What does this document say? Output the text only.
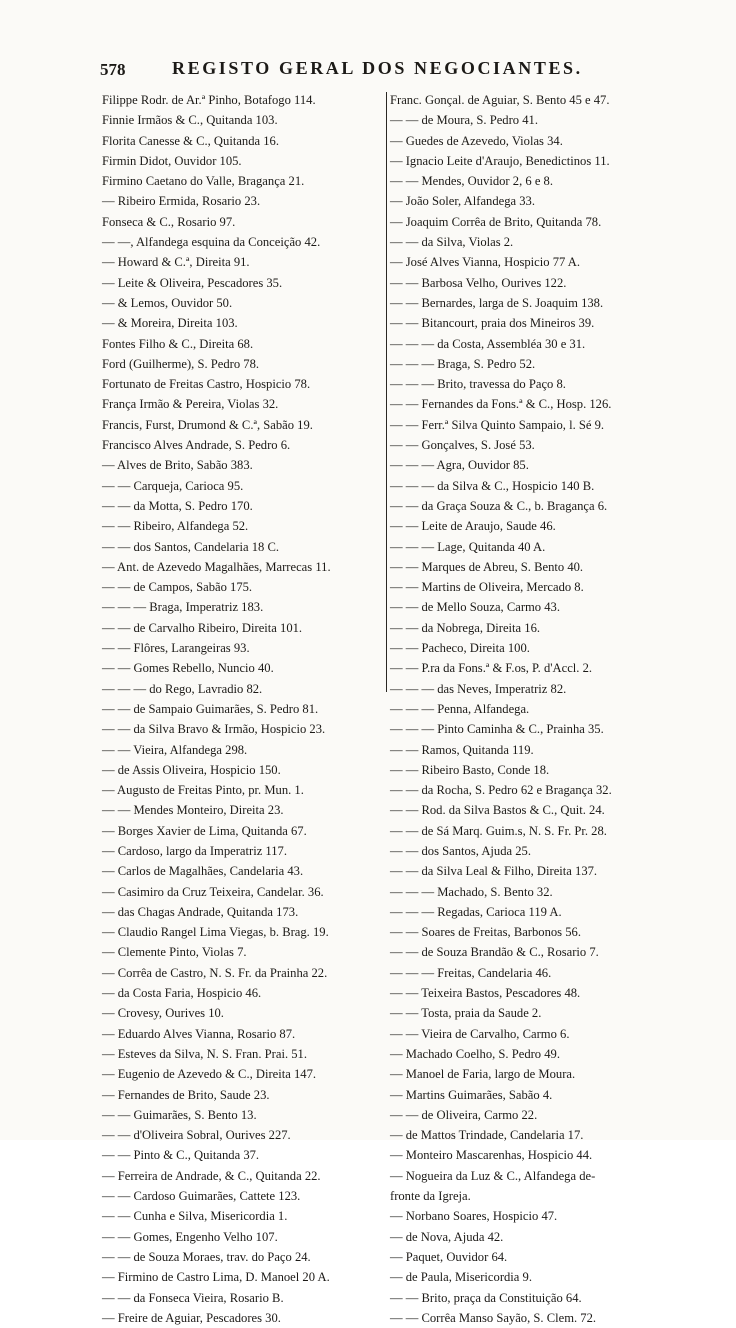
578	REGISTO GERAL DOS NEGOCIANTES.
Filippe Rodr. de Ar.ª Pinho, Botafogo 114.
Finnie Irmãos & C., Quitanda 103.
Florita Canesse & C., Quitanda 16.
Firmin Didot, Ouvidor 105.
Firmino Caetano do Valle, Bragança 21.
— Ribeiro Ermida, Rosario 23.
Fonseca & C., Rosario 97.
— —, Alfandega esquina da Conceição 42.
— Howard & C.ª, Direita 91.
— Leite & Oliveira, Pescadores 35.
— & Lemos, Ouvidor 50.
— & Moreira, Direita 103.
Fontes Filho & C., Direita 68.
Ford (Guilherme), S. Pedro 78.
Fortunato de Freitas Castro, Hospicio 78.
França Irmão & Pereira, Violas 32.
Francis, Furst, Drumond & C.ª, Sabão 19.
Francisco Alves Andrade, S. Pedro 6.
— Alves de Brito, Sabão 383.
— — Carqueja, Carioca 95.
— — da Motta, S. Pedro 170.
— — Ribeiro, Alfandega 52.
— — dos Santos, Candelaria 18 C.
— Ant. de Azevedo Magalhães, Marrecas 11.
— — de Campos, Sabão 175.
— — — Braga, Imperatriz 183.
— — de Carvalho Ribeiro, Direita 101.
— — Flôres, Larangeiras 93.
— — Gomes Rebello, Nuncio 40.
— — — do Rego, Lavradio 82.
— — de Sampaio Guimarães, S. Pedro 81.
— — da Silva Bravo & Irmão, Hospicio 23.
— — Vieira, Alfandega 298.
— de Assis Oliveira, Hospicio 150.
— Augusto de Freitas Pinto, pr. Mun. 1.
— — Mendes Monteiro, Direita 23.
— Borges Xavier de Lima, Quitanda 67.
— Cardoso, largo da Imperatriz 117.
— Carlos de Magalhães, Candelaria 43.
— Casimiro da Cruz Teixeira, Candelar. 36.
— das Chagas Andrade, Quitanda 173.
— Claudio Rangel Lima Viegas, b. Brag. 19.
— Clemente Pinto, Violas 7.
— Corrêa de Castro, N. S. Fr. da Prainha 22.
— da Costa Faria, Hospicio 46.
— Crovesy, Ourives 10.
— Eduardo Alves Vianna, Rosario 87.
— Esteves da Silva, N. S. Fran. Prai. 51.
— Eugenio de Azevedo & C., Direita 147.
— Fernandes de Brito, Saude 23.
— — Guimarães, S. Bento 13.
— — d'Oliveira Sobral, Ourives 227.
— — Pinto & C., Quitanda 37.
— Ferreira de Andrade, & C., Quitanda 22.
— — Cardoso Guimarães, Cattete 123.
— — Cunha e Silva, Misericordia 1.
— — Gomes, Engenho Velho 107.
— — de Souza Moraes, trav. do Paço 24.
— Firmino de Castro Lima, D. Manoel 20 A.
— — da Fonseca Vieira, Rosario B.
— Freire de Aguiar, Pescadores 30.
Franc. Gonçal. de Aguiar, S. Bento 45 e 47.
— — de Moura, S. Pedro 41.
— Guedes de Azevedo, Violas 34.
— Ignacio Leite d'Araujo, Benedictinos 11.
— — Mendes, Ouvidor 2, 6 e 8.
— João Soler, Alfandega 33.
— Joaquim Corrêa de Brito, Quitanda 78.
— — da Silva, Violas 2.
— José Alves Vianna, Hospicio 77 A.
— — Barbosa Velho, Ourives 122.
— — Bernardes, larga de S. Joaquim 138.
— — Bitancourt, praia dos Mineiros 39.
— — — da Costa, Assembléa 30 e 31.
— — — Braga, S. Pedro 52.
— — — Brito, travessa do Paço 8.
— — Fernandes da Fons.ª & C., Hosp. 126.
— — Ferr.ª Silva Quinto Sampaio, l. Sé 9.
— — Gonçalves, S. José 53.
— — — Agra, Ouvidor 85.
— — — da Silva & C., Hospicio 140 B.
— — da Graça Souza & C., b. Bragança 6.
— — Leite de Araujo, Saude 46.
— — — Lage, Quitanda 40 A.
— — Marques de Abreu, S. Bento 40.
— — Martins de Oliveira, Mercado 8.
— — de Mello Souza, Carmo 43.
— — da Nobrega, Direita 16.
— — Pacheco, Direita 100.
— — P.ra da Fons.ª & F.os, P. d'Accl. 2.
— — — das Neves, Imperatriz 82.
— — — Penna, Alfandega.
— — — Pinto Caminha & C., Prainha 35.
— — Ramos, Quitanda 119.
— — Ribeiro Basto, Conde 18.
— — da Rocha, S. Pedro 62 e Bragança 32.
— — Rod. da Silva Bastos & C., Quit. 24.
— — de Sá Marq. Guim.s, N. S. Fr. Pr. 28.
— — dos Santos, Ajuda 25.
— — da Silva Leal & Filho, Direita 137.
— — — Machado, S. Bento 32.
— — — Regadas, Carioca 119 A.
— — Soares de Freitas, Barbonos 56.
— — de Souza Brandão & C., Rosario 7.
— — — Freitas, Candelaria 46.
— — Teixeira Bastos, Pescadores 48.
— — Tosta, praia da Saude 2.
— — Vieira de Carvalho, Carmo 6.
— Machado Coelho, S. Pedro 49.
— Manoel de Faria, largo de Moura.
— Martins Guimarães, Sabão 4.
— — de Oliveira, Carmo 22.
— de Mattos Trindade, Candelaria 17.
— Monteiro Mascarenhas, Hospicio 44.
— Nogueira da Luz & C., Alfandega de-
fronte da Igreja.
— Norbano Soares, Hospicio 47.
— de Nova, Ajuda 42.
— Paquet, Ouvidor 64.
— de Paula, Misericordia 9.
— — Brito, praça da Constituição 64.
— — Corrêa Manso Sayão, S. Clem. 72.
